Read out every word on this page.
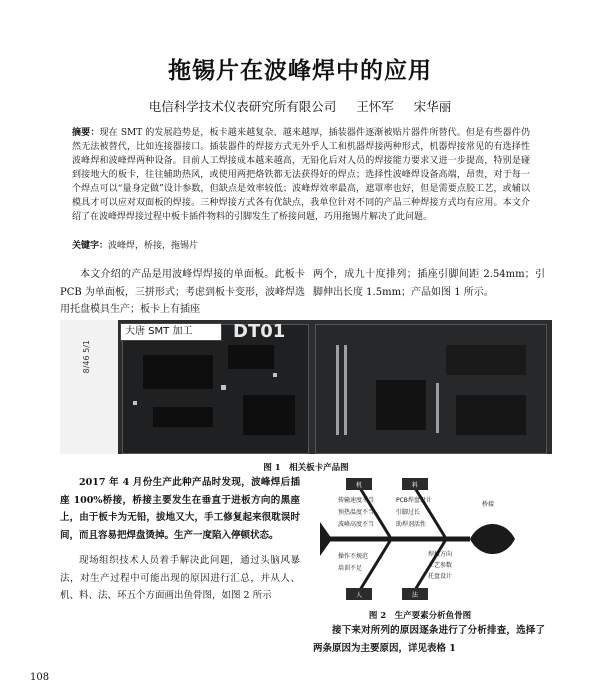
拖锡片在波峰焊中的应用
电信科学技术仪表研究所有限公司 王怀军 宋华丽
摘要：现在 SMT 的发展趋势是，板卡越来越复杂、越来越厚，插装器件逐渐被贴片器件所替代。但是有些器件仍然无法被替代，比如连接器接口。插装器件的焊接方式无外乎人工和机器焊接两种形式，机器焊接常见的有选择性波峰焊和波峰焊两种设备。目前人工焊接成本越来越高，无铅化后对人员的焊接能力要求又进一步提高，特别是碰到接地大的板卡，往往辅助热风，或使用两把烙铁都无法获得好的焊点；选择性波峰焊设备高端，昂贵，对于每一个焊点可以“量身定做”设计参数，但缺点是效率较低；波峰焊效率最高，遮罩率也好，但是需要点胶工艺，或辅以模具才可以应对双面板的焊接。三种焊接方式各有优缺点，我单位针对不同的产品三种焊接方式均有应用。本文介绍了在波峰焊焊接过程中板卡插件物料的引脚发生了桥接问题，巧用拖锡片解决了此问题。
关键字：波峰焊，桥接，拖锡片
本文介绍的产品是用波峰焊焊接的单面板。此板卡 PCB 为单面板，三拼形式；考虑到板卡变形，波峰焊选用托盘模具生产；板卡上有插座
两个，成九十度排列；插座引脚间距 2.54mm；引脚伸出长度 1.5mm；产品如图 1 所示。
DT01
8/46 5/1
大唐 SMT 加工
图 1　相关板卡产品图
2017 年 4 月份生产此种产品时发现，波峰焊后插座 100%桥接，桥接主要发生在垂直于进板方向的黑座上，由于板卡为无铅，拔地又大，手工修复起来很耽误时间，而且容易把焊盘烫掉。生产一度陷入停顿状态。
现场组织技术人员着手解决此问题，通过头脑风暴法，对生产过程中可能出现的原因进行汇总，并从人、机、料、法、环五个方面画出鱼骨图，如图 2 所示
机	料
人	法
桥接
传输速度不当
预热温度不当
波峰高度不当
PCB焊盘设计
引脚过长
助焊剂活性
操作不规范
培训不足
焊接方向
工艺参数
托盘设计
图 2　生产要素分析鱼骨图
接下来对所列的原因逐条进行了分析排查，选择了两条原因为主要原因，详见表格 1
108
